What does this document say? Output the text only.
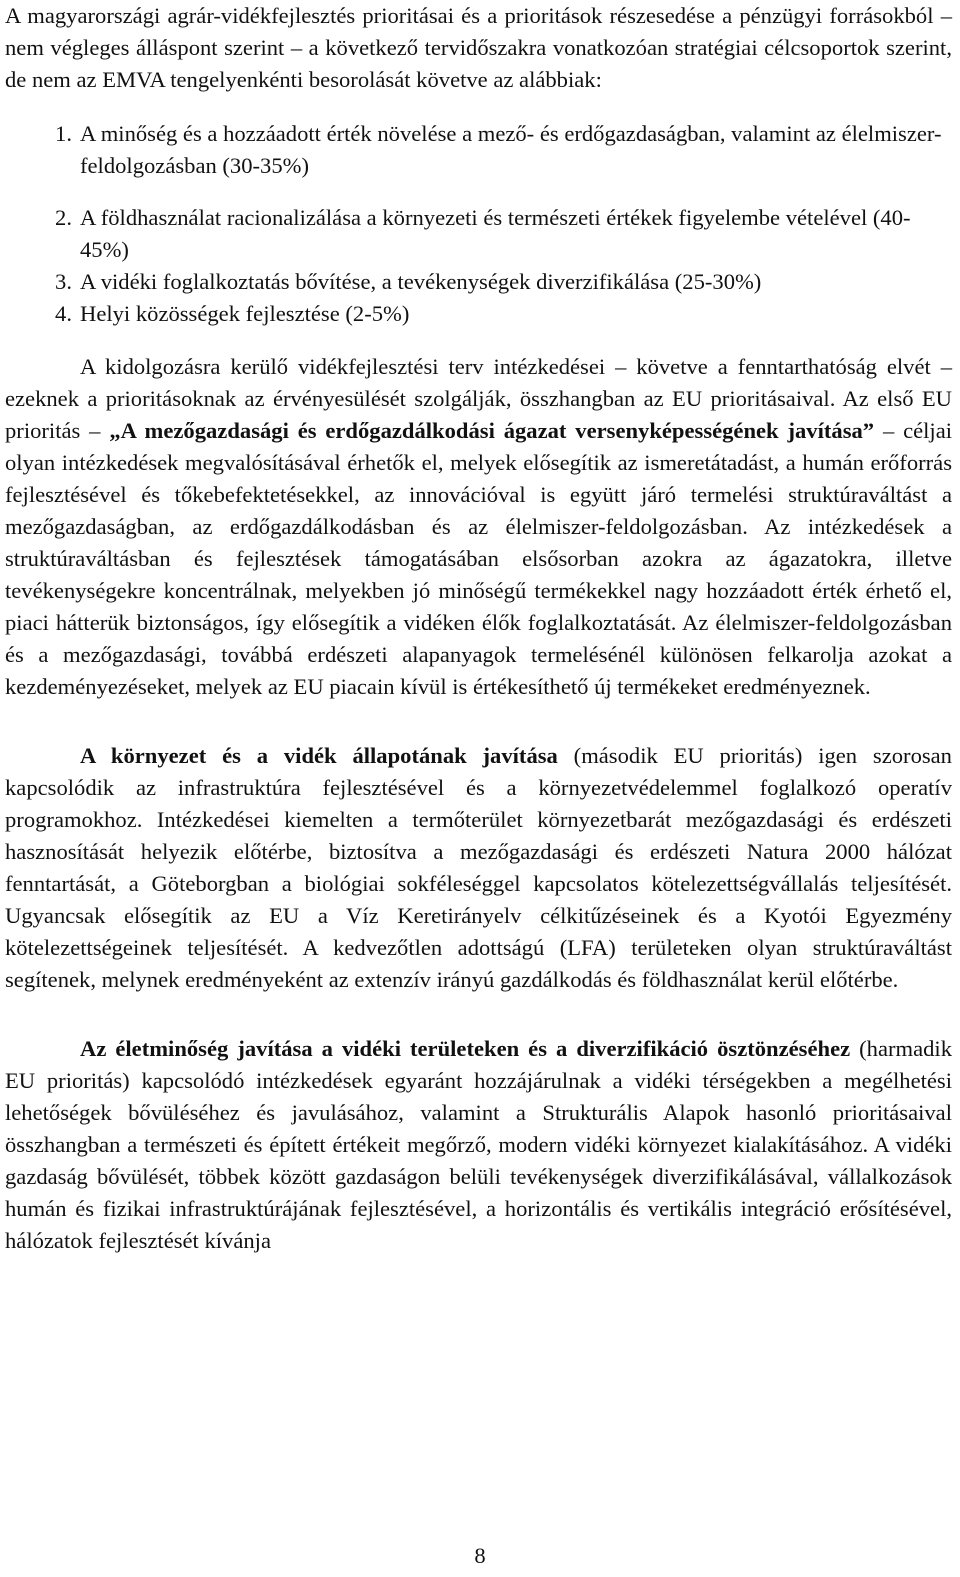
A magyarországi agrár-vidékfejlesztés prioritásai és a prioritások részesedése a pénzügyi forrásokból – nem végleges álláspont szerint – a következő tervidőszakra vonatkozóan stratégiai célcsoportok szerint, de nem az EMVA tengelyenkénti besorolását követve az alábbiak:

1. A minőség és a hozzáadott érték növelése a mező- és erdőgazdaságban, valamint az élelmiszer-feldolgozásban (30-35%)
2. A földhasználat racionalizálása a környezeti és természeti értékek figyelembe vételével (40-45%)
3. A vidéki foglalkoztatás bővítése, a tevékenységek diverzifikálása (25-30%)
4. Helyi közösségek fejlesztése (2-5%)

A kidolgozásra kerülő vidékfejlesztési terv intézkedései – követve a fenntarthatóság elvét – ezeknek a prioritásoknak az érvényesülését szolgálják, összhangban az EU prioritásaival. Az első EU prioritás – „A mezőgazdasági és erdőgazdálkodási ágazat versenyképességének javítása” – céljai olyan intézkedések megvalósításával érhetők el, melyek elősegítik az ismeretátadást, a humán erőforrás fejlesztésével és tőkebefektetésekkel, az innovációval is együtt járó termelési struktúraváltást a mezőgazdaságban, az erdőgazdálkodásban és az élelmiszer-feldolgozásban. Az intézkedések a struktúraváltásban és fejlesztések támogatásában elsősorban azokra az ágazatokra, illetve tevékenységekre koncentrálnak, melyekben jó minőségű termékekkel nagy hozzáadott érték érhető el, piaci hátterük biztonságos, így elősegítik a vidéken élők foglalkoztatását. Az élelmiszer-feldolgozásban és a mezőgazdasági, továbbá erdészeti alapanyagok termelésénél különösen felkarolja azokat a kezdeményezéseket, melyek az EU piacain kívül is értékesíthető új termékeket eredményeznek.

A környezet és a vidék állapotának javítása (második EU prioritás) igen szorosan kapcsolódik az infrastruktúra fejlesztésével és a környezetvédelemmel foglalkozó operatív programokhoz. Intézkedései kiemelten a termőterület környezetbarát mezőgazdasági és erdészeti hasznosítását helyezik előtérbe, biztosítva a mezőgazdasági és erdészeti Natura 2000 hálózat fenntartását, a Göteborgban a biológiai sokféleséggel kapcsolatos kötelezettségvállalás teljesítését. Ugyancsak elősegítik az EU a Víz Keretirányelv célkitűzéseinek és a Kyotói Egyezmény kötelezettségeinek teljesítését. A kedvezőtlen adottságú (LFA) területeken olyan struktúraváltást segítenek, melynek eredményeként az extenzív irányú gazdálkodás és földhasználat kerül előtérbe.

Az életminőség javítása a vidéki területeken és a diverzifikáció ösztönzéséhez (harmadik EU prioritás) kapcsolódó intézkedések egyaránt hozzájárulnak a vidéki térségekben a megélhetési lehetőségek bővüléséhez és javulásához, valamint a Strukturális Alapok hasonló prioritásaival összhangban a természeti és épített értékeit megőrző, modern vidéki környezet kialakításához. A vidéki gazdaság bővülését, többek között gazdaságon belüli tevékenységek diverzifikálásával, vállalkozások humán és fizikai infrastruktúrájának fejlesztésével, a horizontális és vertikális integráció erősítésével, hálózatok fejlesztését kívánja

8
